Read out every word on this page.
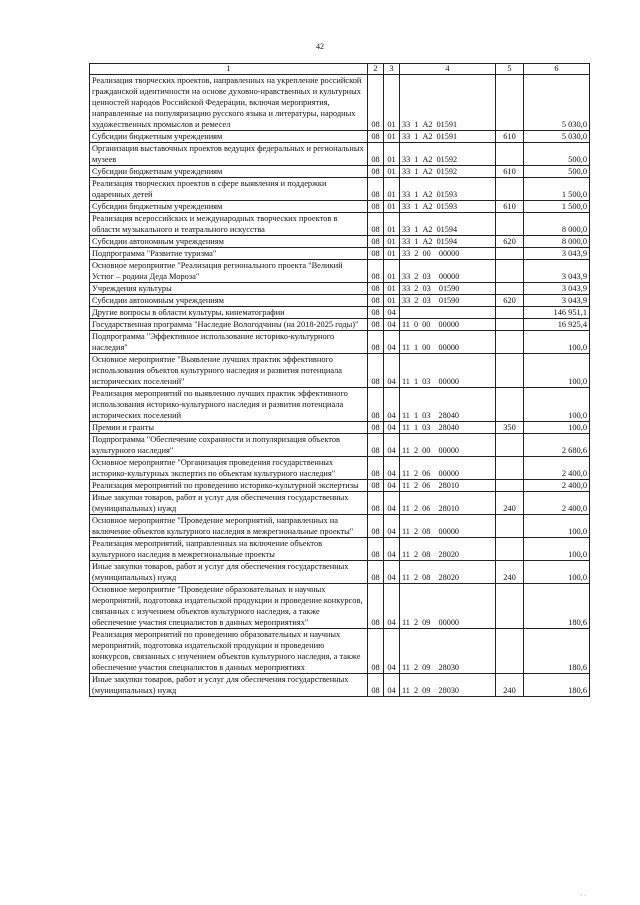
42
1	2	3	4	5	6
Реализация творческих проектов, направленных на укрепление российской гражданской идентичности на основе духовно-нравственных и культурных ценностей народов Российской Федерации, включая мероприятия, направленные на популяризацию русского языка и литературы, народных художественных промыслов и ремесел	08	01	33  1  А2  01591		5 030,0
Субсидии бюджетным учреждениям	08	01	33  1  А2  01591	610	5 030,0
Организация выставочных проектов ведущих федеральных и региональных музеев	08	01	33  1  А2  01592		500,0
Субсидии бюджетным учреждениям	08	01	33  1  А2  01592	610	500,0
Реализация творческих проектов в сфере выявления и поддержки одаренных детей	08	01	33  1  А2  01593		1 500,0
Субсидии бюджетным учреждениям	08	01	33  1  А2  01593	610	1 500,0
Реализация всероссийских и международных творческих проектов в области музыкального и театрального искусства	08	01	33  1  А2  01594		8 000,0
Субсидии автономным учреждениям	08	01	33  1  А2  01594	620	8 000,0
Подпрограмма "Развитие туризма"	08	01	33  2  00    00000		3 043,9
Основное мероприятие "Реализация регионального проекта "Великий Устюг – родина Деда Мороза"	08	01	33  2  03    00000		3 043,9
Учреждения культуры	08	01	33  2  03    01590		3 043,9
Субсидии автономным учреждениям	08	01	33  2  03    01590	620	3 043,9
Другие вопросы в области культуры, кинематографии	08	04			146 951,1
Государственная программа "Наследие Вологодчины (на 2018-2025 годы)"	08	04	11  0  00    00000		16 925,4
Подпрограмма "Эффективное использование историко-культурного наследия"	08	04	11  1  00    00000		100,0
Основное мероприятие "Выявление лучших практик эффективного использования объектов культурного наследия и развития потенциала исторических поселений"	08	04	11  1  03    00000		100,0
Реализация мероприятий по выявлению лучших практик эффективного использования историко-культурного наследия и развития потенциала исторических поселений	08	04	11  1  03    28040		100,0
Премии и гранты	08	04	11  1  03    28040	350	100,0
Подпрограмма "Обеспечение сохранности и популяризация объектов культурного наследия"	08	04	11  2  00    00000		2 680,6
Основное мероприятие "Организация проведения государственных историко-культурных экспертиз по объектам культурного наследия"	08	04	11  2  06    00000		2 400,0
Реализация мероприятий по проведению историко-культурной экспертизы	08	04	11  2  06    28010		2 400,0
Иные закупки товаров, работ и услуг для обеспечения государственных (муниципальных) нужд	08	04	11  2  06    28010	240	2 400,0
Основное мероприятие "Проведение мероприятий, направленных на включение объектов культурного наследия в межрегиональные проекты"	08	04	11  2  08    00000		100,0
Реализация мероприятий, направленных на включение объектов культурного наследия в межрегиональные проекты	08	04	11  2  08    28020		100,0
Иные закупки товаров, работ и услуг для обеспечения государственных (муниципальных) нужд	08	04	11  2  08    28020	240	100,0
Основное мероприятие "Проведение образовательных и научных мероприятий, подготовка издательской продукции и проведение конкурсов, связанных с изучением объектов культурного наследия, а также обеспечение участия специалистов в данных мероприятиях"	08	04	11  2  09    00000		180,6
Реализация мероприятий по проведению образовательных и научных мероприятий, подготовка издательской продукции и проведению конкурсов, связанных с изучением объектов культурного наследия, а также обеспечение участия специалистов в данных мероприятиях	08	04	11  2  09    28030		180,6
Иные закупки товаров, работ и услуг для обеспечения государственных (муниципальных) нужд	08	04	11  2  09    28030	240	180,6
· ·
